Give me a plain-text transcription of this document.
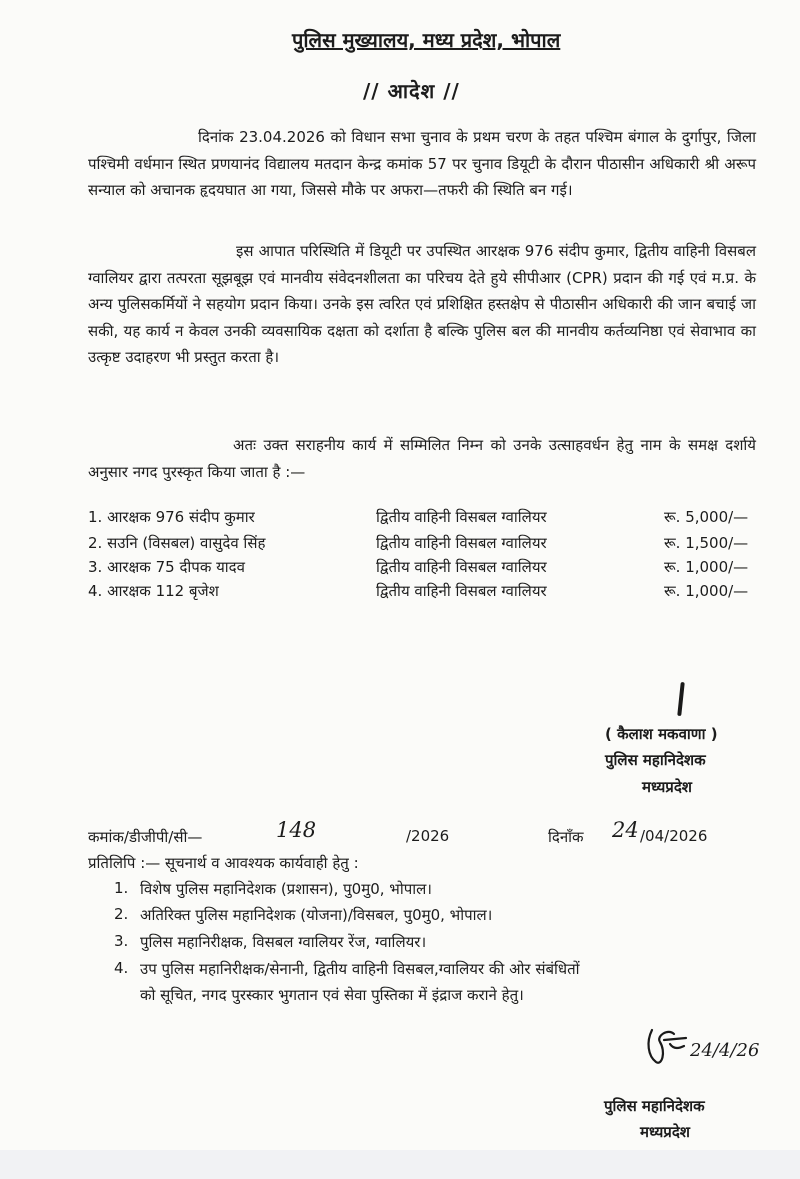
पुलिस मुख्यालय, मध्य प्रदेश, भोपाल
// आदेश //
दिनांक 23.04.2026 को विधान सभा चुनाव के प्रथम चरण के तहत पश्चिम बंगाल के दुर्गापुर, जिला पश्चिमी वर्धमान स्थित प्रणयानंद विद्यालय मतदान केन्द्र कमांक 57 पर चुनाव डियूटी के दौरान पीठासीन अधिकारी श्री अरूप सन्याल को अचानक हृदयघात आ गया, जिससे मौके पर अफरा—तफरी की स्थिति बन गई।
इस आपात परिस्थिति में डियूटी पर उपस्थित आरक्षक 976 संदीप कुमार, द्वितीय वाहिनी विसबल ग्वालियर द्वारा तत्परता सूझबूझ एवं मानवीय संवेदनशीलता का परिचय देते हुये सीपीआर (CPR) प्रदान की गई एवं म.प्र. के अन्य पुलिसकर्मियों ने सहयोग प्रदान किया। उनके इस त्वरित एवं प्रशिक्षित हस्तक्षेप से पीठासीन अधिकारी की जान बचाई जा सकी, यह कार्य न केवल उनकी व्यवसायिक दक्षता को दर्शाता है बल्कि पुलिस बल की मानवीय कर्तव्यनिष्ठा एवं सेवाभाव का उत्कृष्ट उदाहरण भी प्रस्तुत करता है।
अतः उक्त सराहनीय कार्य में सम्मिलित निम्न को उनके उत्साहवर्धन हेतु नाम के समक्ष दर्शाये अनुसार नगद पुरस्कृत किया जाता है :—
1. आरक्षक 976 संदीप कुमार	द्वितीय वाहिनी विसबल ग्वालियर	रू. 5,000/—
2. सउनि (विसबल) वासुदेव सिंह	द्वितीय वाहिनी विसबल ग्वालियर	रू. 1,500/—
3. आरक्षक 75 दीपक यादव	द्वितीय वाहिनी विसबल ग्वालियर	रू. 1,000/—
4. आरक्षक 112 बृजेश	द्वितीय वाहिनी विसबल ग्वालियर	रू. 1,000/—
( कैलाश मकवाणा )
पुलिस महानिदेशक
मध्यप्रदेश
कमांक/डीजीपी/सी—	148	/2026	दिनाँक 24 /04/2026
प्रतिलिपि :— सूचनार्थ व आवश्यक कार्यवाही हेतु :
1. विशेष पुलिस महानिदेशक (प्रशासन), पु0मु0, भोपाल।
2. अतिरिक्त पुलिस महानिदेशक (योजना)/विसबल, पु0मु0, भोपाल।
3. पुलिस महानिरीक्षक, विसबल ग्वालियर रेंज, ग्वालियर।
4. उप पुलिस महानिरीक्षक/सेनानी, द्वितीय वाहिनी विसबल,ग्वालियर की ओर संबंधितों
को सूचित, नगद पुरस्कार भुगतान एवं सेवा पुस्तिका में इंद्राज कराने हेतु।
24/4/26
पुलिस महानिदेशक
मध्यप्रदेश
